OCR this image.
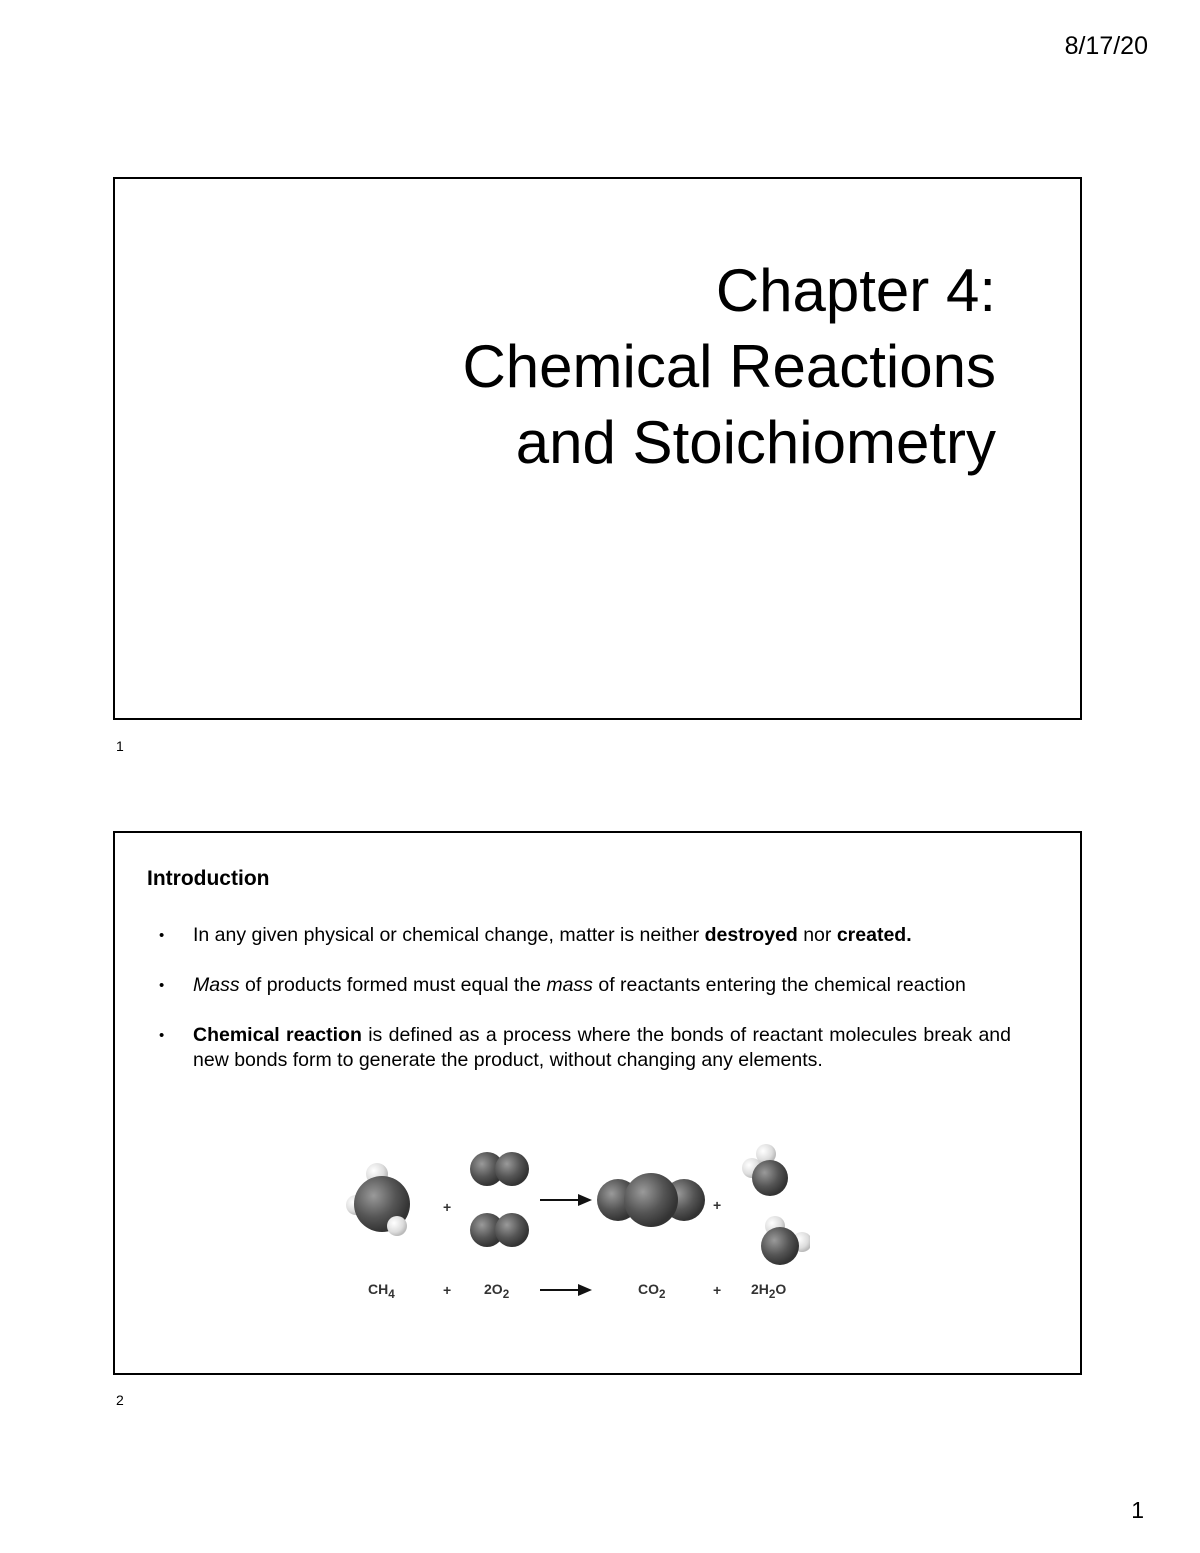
8/17/20
Chapter 4:
Chemical Reactions
and Stoichiometry
1
Introduction
• In any given physical or chemical change, matter is neither destroyed nor created.
• Mass of products formed must equal the mass of reactants entering the chemical reaction
• Chemical reaction is defined as a process where the bonds of reactant molecules break and new bonds form to generate the product, without changing any elements.
+	+
+	+
$CH_4$	$2O_2$	$CO_2$	$2H_2O$
2
1
